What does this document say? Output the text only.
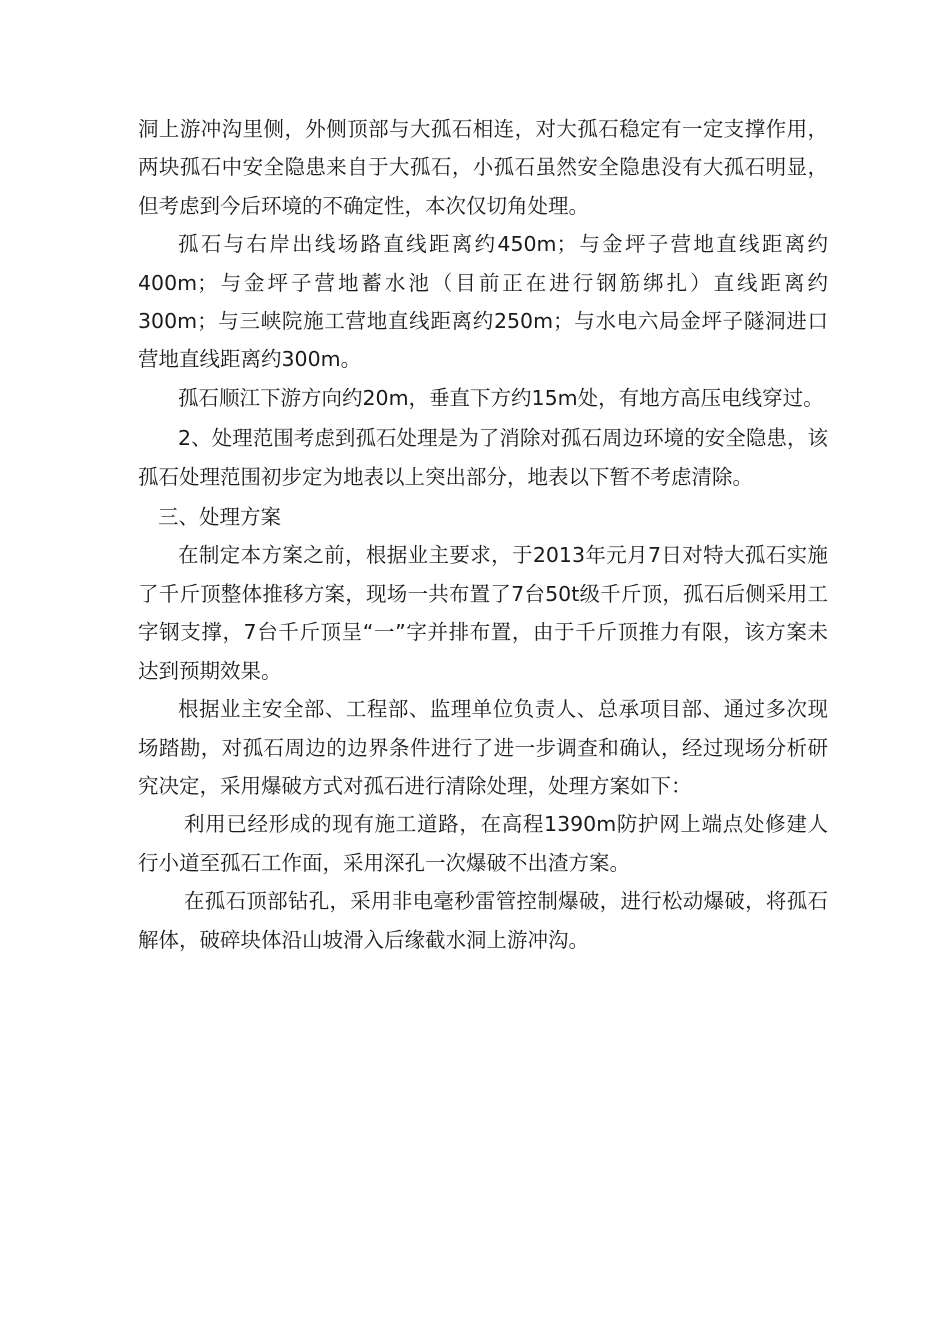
洞上游冲沟里侧，外侧顶部与大孤石相连，对大孤石稳定有一定支撑作用，两块孤石中安全隐患来自于大孤石，小孤石虽然安全隐患没有大孤石明显，但考虑到今后环境的不确定性，本次仅切角处理。

孤石与右岸出线场路直线距离约450m；与金坪子营地直线距离约400m；与金坪子营地蓄水池（目前正在进行钢筋绑扎）直线距离约300m；与三峡院施工营地直线距离约250m；与水电六局金坪子隧洞进口营地直线距离约300m。

孤石顺江下游方向约20m，垂直下方约15m处，有地方高压电线穿过。

2、处理范围考虑到孤石处理是为了消除对孤石周边环境的安全隐患，该孤石处理范围初步定为地表以上突出部分，地表以下暂不考虑清除。

三、处理方案

在制定本方案之前，根据业主要求，于2013年元月7日对特大孤石实施了千斤顶整体推移方案，现场一共布置了7台50t级千斤顶，孤石后侧采用工字钢支撑，7台千斤顶呈“一”字并排布置，由于千斤顶推力有限，该方案未达到预期效果。

根据业主安全部、工程部、监理单位负责人、总承项目部、通过多次现场踏勘，对孤石周边的边界条件进行了进一步调查和确认，经过现场分析研究决定，采用爆破方式对孤石进行清除处理，处理方案如下：

利用已经形成的现有施工道路，在高程1390m防护网上端点处修建人行小道至孤石工作面，采用深孔一次爆破不出渣方案。

在孤石顶部钻孔，采用非电毫秒雷管控制爆破，进行松动爆破，将孤石解体，破碎块体沿山坡滑入后缘截水洞上游冲沟。
